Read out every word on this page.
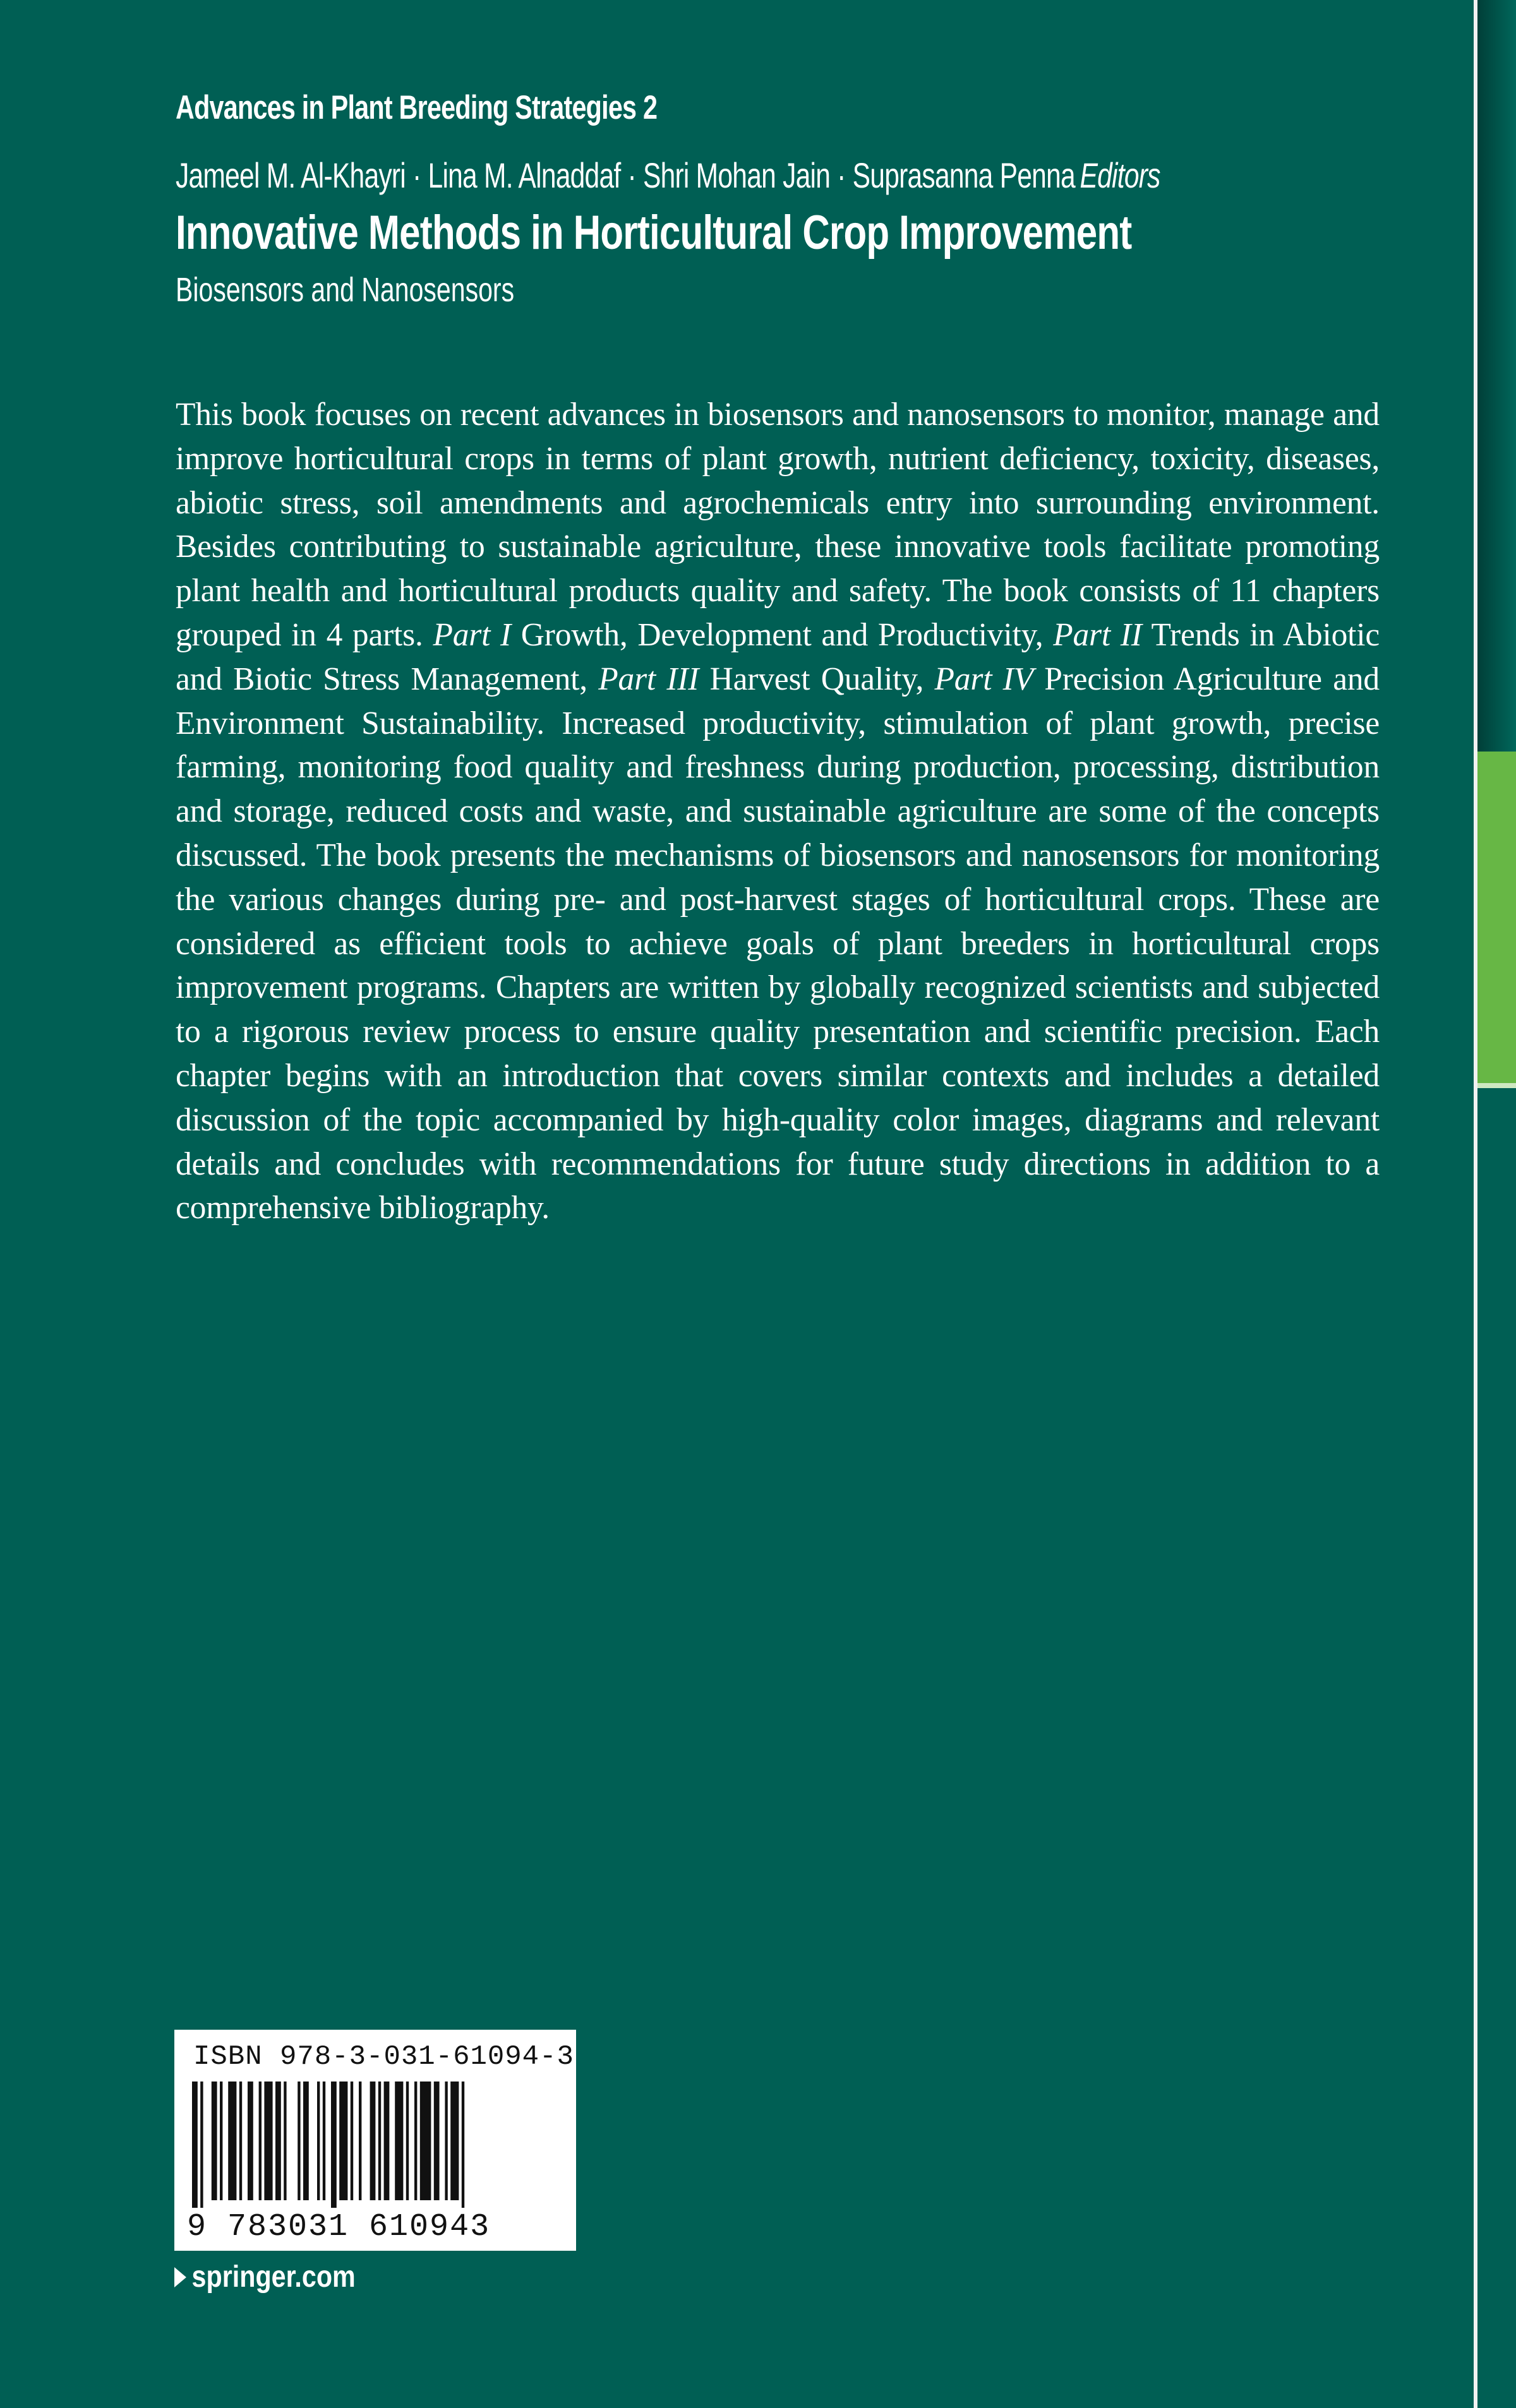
Advances in Plant Breeding Strategies 2
Jameel M. Al-Khayri · Lina M. Alnaddaf · Shri Mohan Jain · Suprasanna Penna Editors
Innovative Methods in Horticultural Crop Improvement
Biosensors and Nanosensors
This book focuses on recent advances in biosensors and nanosensors to monitor, manage and improve horticultural crops in terms of plant growth, nutrient deficiency, toxicity, diseases, abiotic stress, soil amendments and agrochemicals entry into surrounding environment. Besides contributing to sustainable agriculture, these innovative tools facilitate promoting plant health and horticultural products quality and safety. The book consists of 11 chapters grouped in 4 parts. Part I Growth, Development and Productivity, Part II Trends in Abiotic and Biotic Stress Management, Part III Harvest Quality, Part IV Precision Agriculture and Environment Sustainability. Increased productivity, stimulation of plant growth, precise farming, monitoring food quality and freshness during production, processing, distribution and storage, reduced costs and waste, and sustainable agriculture are some of the concepts discussed. The book presents the mechanisms of biosensors and nanosensors for monitoring the various changes during pre- and post-harvest stages of horticultural crops. These are considered as efficient tools to achieve goals of plant breeders in horticultural crops improvement programs. Chapters are written by globally recognized scientists and subjected to a rigorous review process to ensure quality presentation and scientific precision. Each chapter begins with an introduction that covers similar contexts and includes a detailed discussion of the topic accompanied by high-quality color images, diagrams and relevant details and concludes with recommendations for future study directions in addition to a comprehensive bibliography.
ISBN 978-3-031-61094-3
9 783031 610943
springer.com
